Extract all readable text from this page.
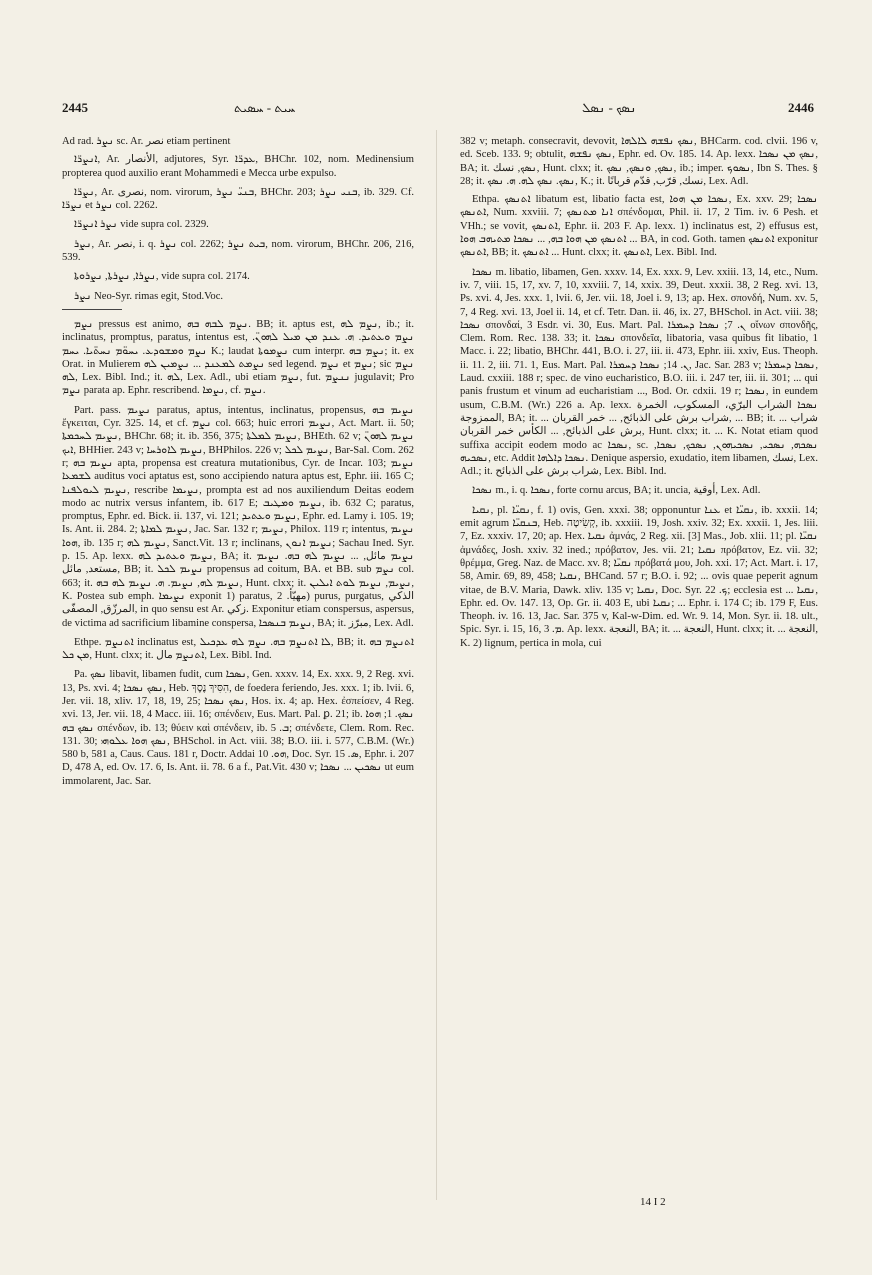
2445	ܚܝܬ - ܚܣܝܬ	ܢܣܟ - ܢܣܠ	2446

Ad rad. ܢܨܪ sc. Ar. نصر etiam pertinent

ܐܢܨܪ̈ܐ, Ar. الأنصار, adjutores, Syr. ܥܕܪ̈ܐ, BHChr. 102, nom. Medinensium propterea quod auxilio erant Mohammedi e Mecca urbe expulso.

ܢܨܪ̈ܐ, Ar. نصرى, nom. virorum, ܒܢܝ̈ ܢܨܪ, BHChr. 203; ܒܢܝ ܢܨܪ, ib. 329. Cf. ܢܨܪ̈ܐ et ܢܨܪ col. 2262.

ܢܨܪ ܐܢܨܪ̈ܐ vide supra col. 2329.

ܢܨܪ, Ar. نصر, i. q. ܢܨܪ col. 2262; ܒܝܬ ܢܨܪ, nom. virorum, BHChr. 206, 216, 539.

ܢܨܪܐ, ܢܨܪܬܐ, ܢܨܪܘܬܐ, vide supra col. 2174.

ܢܨܪ Neo-Syr. rimas egit, Stod.Voc.

ܢܨܡ pressus est animo, ܢܨܡ ܠܒܗ ܒܗ. BB; it. aptus est, ܢܨܡ ܠܗ, ib.; it. inclinatus, promptus, paratus, intentus est, ܢܨܡ ܘܥܬܝܕ. ܗ. ܥܢܕ ܡܢ ܡܝܠ ܠܗܘܢ̈. ܢܨܡ ܘܡܫܘܕܥ. ܝܚܘ̈ܡ ܢܚܬ̈ܝܐ. ܝܚܡ K.; laudat ܢܨܡܘܬܐ cum interpr. ܢܨܡ ܒܗ; it. ex Orat. in Mulierem ܢܨܡܬ ܠܡܥܢܕ ... ܢܨܡܝܢ ܠܗ sed legend. ܢܨܡ et ܢܨܡ; sic ܢܨܡ ܠܗ, Lex. Bibl. Ind.; it. ܠܗ, Lex. Adl., ubi etiam ܢܨܡ, fut. ܢܢܨܡ jugulavit; Pro ܢܨܡ parata ap. Ephr. rescribend. ܢܨܡܐ, cf. ܢܨܡ.

Part. pass. ܢܨܝܡ paratus, aptus, intentus, inclinatus, propensus, ܢܨܝܡ ܒܗ ἔγκειται, Cyr. 325. 14, et cf. ܢܨܡ col. 663; huic errori ܢܨܝܡ, Act. Mart. ii. 50; ܢܨܝܡ ܠܚܟܡܬܐ, BHChr. 68; it. ib. 356, 375; ܢܨܝܡ ܠܡܠܬܐ, BHEth. 62 v; ܢܨܝܡ ܠܗܘܢ̈ ܐܝܟ, BHHier. 243 v; ܢܨܝܡ ܠܐܘܪܚܐ, BHPhilos. 226 v; ܢܨܝܡ ܠܟܠ, Bar-Sal. Com. 262 r; ܢܨܝܡ ܒܗ apta, propensa est creatura mutationibus, Cyr. de Incar. 103; ܢܨܝܡ ܠܫܡܥܐ auditus voci aptatus est, sono accipiendo natura aptus est, Ephr. iii. 165 C; ܢܨܝܡ ܠܝܘܠܦܢܐ, rescribe ܢܨܝܡܐ, prompta est ad nos auxiliendum Deitas eodem modo ac nutrix versus infantem, ib. 617 E; ܢܨܝܡ ܘܡܛܝܒ, ib. 632 C; paratus, promptus, Ephr. ed. Bick. ii. 137, vi. 121; ܢܨܝܡ ܘܥܬܝܕ, Ephr. ed. Lamy i. 105. 19; Is. Ant. ii. 284. 2; ܢܨܝܡ ܠܡܐܬܐ, Jac. Sar. 132 r; ܢܨܝܡ, Philox. 119 r; intentus, ܢܨܝܡ ܗܘܐ, ib. 135 r; ܢܨܝܡ ܠܗ, Sanct.Vit. 13 r; inclinans, ܢܨܝܡ ܐܢܘܢ; Sachau Ined. Syr. p. 15. Ap. lexx. ܢܨܝܡ ܘܥܬܝܕ ܠܗ, BA; it. ܢܨܝܡ مائل, ... ܢܨܝܡ ܠܗ ܒܗ. ܢܨܝܡ مستعد, مائل, BB; it. ܢܨܝܡ ܠܟܠ propensus ad coitum, BA. et BB. sub ܢܨܡ col. 663; it. ܢܨܝܡ ܠܗ, ܢܨܝܡ. ܗ. ܢܨܝܡ ܠܗ ܒܗ, Hunt. clxx; it. ܢܨܝܡ, ܢܨܝܡ ܠܘܬ ܐܝܠܝܢ, K. Postea sub emph. ܢܨܝܡܐ exponit 1) paratus, مهيّأ. 2) purus, purgatus, الذكي المرزّق, المصفّى, in quo sensu est Ar. زكي. Exponitur etiam conspersus, aspersus, de victima ad sacrificium libamine conspersa, ܢܨܝܡ ܒܢܣܟܐ, BA; it. مبرّز, Lex. Adl.

Ethpe. ܐܬܢܨܡ inclinatus est, ܠܐ ܐܬܢܨܡ ܒܗ. ܢܨܡ ܠܗ ܥܕܟܝܠ, BB; it. ܐܬܢܨܡ ܒܗ ܡܢ ܟܠ, Hunt. clxx; it. ܐܬܢܨܡ مال, Lex. Bibl. Ind.

Pa. ܢܣܟ libavit, libamen fudit, cum ܢܣܟܐ, Gen. xxxv. 14, Ex. xxx. 9, 2 Reg. xvi. 13, Ps. xvi. 4; ܢܣܟ ܢܣܟܐ, Heb. הִסִּיךְ נֶסֶךְ, de foedera feriendo, Jes. xxx. 1; ib. lvii. 6, Jer. vii. 18, xliv. 17, 18, 19, 25; ܢܣܟ ܢܣܟܐ, Hos. ix. 4; ap. Hex. ἐσπείσεν, 4 Reg. xvi. 13, Jer. vii. 18, 4 Macc. iii. 16; σπένδειν, Eus. Mart. Pal. ꝑ. 21; ib. ܢܣܟ. 1; ܗܘܐ ܢܣܟ ܒܗ σπένδων, ib. 13; θύειν καὶ σπένδειν, ib. ܒ. 5; σπένδετε, Clem. Rom. Rec. 131. 30; ܢܣܟ ܗܘܐ ܥܠܘܗܝ, BHSchol. in Act. viii. 38; B.O. iii. i. 577, C.B.M. (Wr.) 580 b, 581 a, Caus. Caus. 181 r, Doctr. Addai ܗܘ. 10, Doc. Syr. ܣ. 15, Ephr. i. 207 D, 478 A, ed. Ov. 17. 6, Is. Ant. ii. 78. 6 a f., Pat.Vit. 430 v; ܢܣܟܝܢ ... ܢܣܟܐ ut eum immolarent, Jac. Sar.

382 v; metaph. consecravit, devovit, ܢܣܟ ܢܦܫܗ ܠܐܠܗܐ, BHCarm. cod. clvii. 196 v, ed. Sceb. 133. 9; obtulit, ܢܣܟ ܢܦܫܗ, Ephr. ed. Ov. 185. 14. Ap. lexx. ܢܣܟ ܡܢ ܢܣܟܐ, BA; it. ܢܣܟ, نسك, Hunt. clxx; it. ܢܣܟ, ܘܢܣܟ, ܢܣܟ, ib.; imper. ܢܣܘܟ, Ibn S. Thes. § 28; it. ܢܣܟ. ܢܣܟ ܠܗ. ܗ. ܢܣܟ, K.; it. نسك, قرّب, قدّم قربانًا, Lex. Adl.

Ethpa. ܐܬܢܣܟ libatum est, libatio facta est, ܢܣܟܐ ܡܢ ܗܘܐ, Ex. xxv. 29; ܢܣܟܐ ܐܬܢܣܟ, Num. xxviii. 7; ܐܢܐ ܡܬܢܣܟ σπένδομαι, Phil. ii. 17, 2 Tim. iv. 6 Pesh. et VHh.; se vovit, ܐܬܢܣܟ, Ephr. ii. 203 F. Ap. lexx. 1) inclinatus est, 2) effusus est, ܐܬܢܣܟ ܡܢ ܗܘܐ ܒܗ, ... ܢܣܟܐ ܡܬܝܗܒ ܗܘܐ ... BA, in cod. Goth. tamen ܐܬܢܣܟ exponitur ܐܬܢܣܟ, BB; it. ܐܬܢܣܟ ... Hunt. clxx; it. ܐܬܢܣܟ, Lex. Bibl. Ind.

ܢܣܟܐ m. libatio, libamen, Gen. xxxv. 14, Ex. xxx. 9, Lev. xxiii. 13, 14, etc., Num. iv. 7, viii. 15, 17, xv. 7, 10, xxviii. 7, 14, xxix. 39, Deut. xxxii. 38, 2 Reg. xvi. 13, Ps. xvi. 4, Jes. xxx. 1, lvii. 6, Jer. vii. 18, Joel i. 9, 13; ap. Hex. σπονδή, Num. xv. 5, 7, 4 Reg. xvi. 13, Joel ii. 14, et cf. Tetr. Dan. ii. 46, ix. 27, BHSchol. in Act. viii. 38; ܢܣܟܐ σπονδαί, 3 Esdr. vi. 30, Eus. Mart. Pal. ܢ. 7; ܢܣܟܐ ܕܚܡܪܐ οἴνων σπονδῆς, Clem. Rom. Rec. 138. 33; it. ܢܣܟܐ σπονδεῖα, libatoria, vasa quibus fit libatio, 1 Macc. i. 22; libatio, BHChr. 441, B.O. i. 27, iii. ii. 473, Ephr. iii. xxiv, Eus. Theoph. ii. 11. 2, iii. 71. 1, Eus. Mart. Pal. ܢ. 14; ܢܣܟܐ ܕܚܡܪܐ, Jac. Sar. 283 v; ܢܣܟܐ ܕܚܡܪܐ, Laud. cxxiii. 188 r; spec. de vino eucharistico, B.O. iii. i. 247 ter, iii. ii. 301; ... qui panis frustum et vinum ad eucharistiam ..., Bod. Or. cdxii. 19 r; ܢܣܟܐ, in eundem usum, C.B.M. (Wr.) 226 a. Ap. lexx. ܢܣܟܐ الشراب البرّي، المسكوب، الخمرة الممزوجة, BA; it. ... شراب برش على الذبائح, ... خمر القربان, ... BB; it. ... شراب برش على الذبائح, ... الكأس خمر القربان, Hunt. clxx; it. ... K. Notat etiam quod suffixa accipit eodem modo ac ܢܣܟܐ, sc. ܢܣܟܗ, ܢܣܟܝ, ܢܣܟܝܗܘܢ, ܢܣܟܟ, ܢܣܟܐ, ܢܣܟܝܗ, etc. Addit ܢܣܟܐ ܕܐܠܗܐ. Denique aspersio, exudatio, item libamen, نسك, Lex. Adl.; it. شراب برش على الذبائح, Lex. Bibl. Ind.

ܢܣܟܐ m., i. q. ܢܣܟܐ, forte cornu arcus, BA; it. uncia, أوقية, Lex. Adl.

ܢܩܝܐ, pl. ܢܩܝ̈ܐ, f. 1) ovis, Gen. xxxi. 38; opponuntur ܥܢܐ et ܢܩܝ̈ܐ, ib. xxxii. 14; emit agrum ܒܢܩܝ̈ܐ, Heb. קְשִׂיטָה, ib. xxxiii. 19, Josh. xxiv. 32; Ex. xxxii. 1, Jes. liii. 7, Ez. xxxiv. 17, 20; ap. Hex. ܢܩܝܐ ἀμνάς, 2 Reg. xii. [3] Mas., Job. xlii. 11; pl. ܢܩܝ̈ܐ ἀμνάδες, Josh. xxiv. 32 ined.; πρόβατον, Jes. vii. 21; ܢܩܝܐ πρόβατον, Ez. vii. 32; θρέμμα, Greg. Naz. de Macc. xv. 8; ܢܩܝ̈ܐ πρόβατά μου, Joh. xxi. 17; Act. Mart. i. 17, 58, Amir. 69, 89, 458; ܢܩܝܐ, BHCand. 57 r; B.O. i. 92; ... ovis quae peperit agnum vitae, de B.V. Maria, Dawk. xliv. 135 v; ܢܩܝܐ, Doc. Syr. ܟ. 22; ecclesia est ... ܢܩܝܐ, Ephr. ed. Ov. 147. 13, Op. Gr. ii. 403 E, ubi ܢܩܝܐ; ... Ephr. i. 174 C; ib. 179 F, Eus. Theoph. iv. 16. 13, Jac. Sar. 375 v, Kal-w-Dim. ed. Wr. 9. 14, Mon. Syr. ii. 18. ult., Spic. Syr. i. 15, 16, ܡ. 3. Ap. lexx. النعجة, BA; it. ... النعجة, Hunt. clxx; it. ... النعجة, K. 2) lignum, pertica in mola, cui

14 I 2
